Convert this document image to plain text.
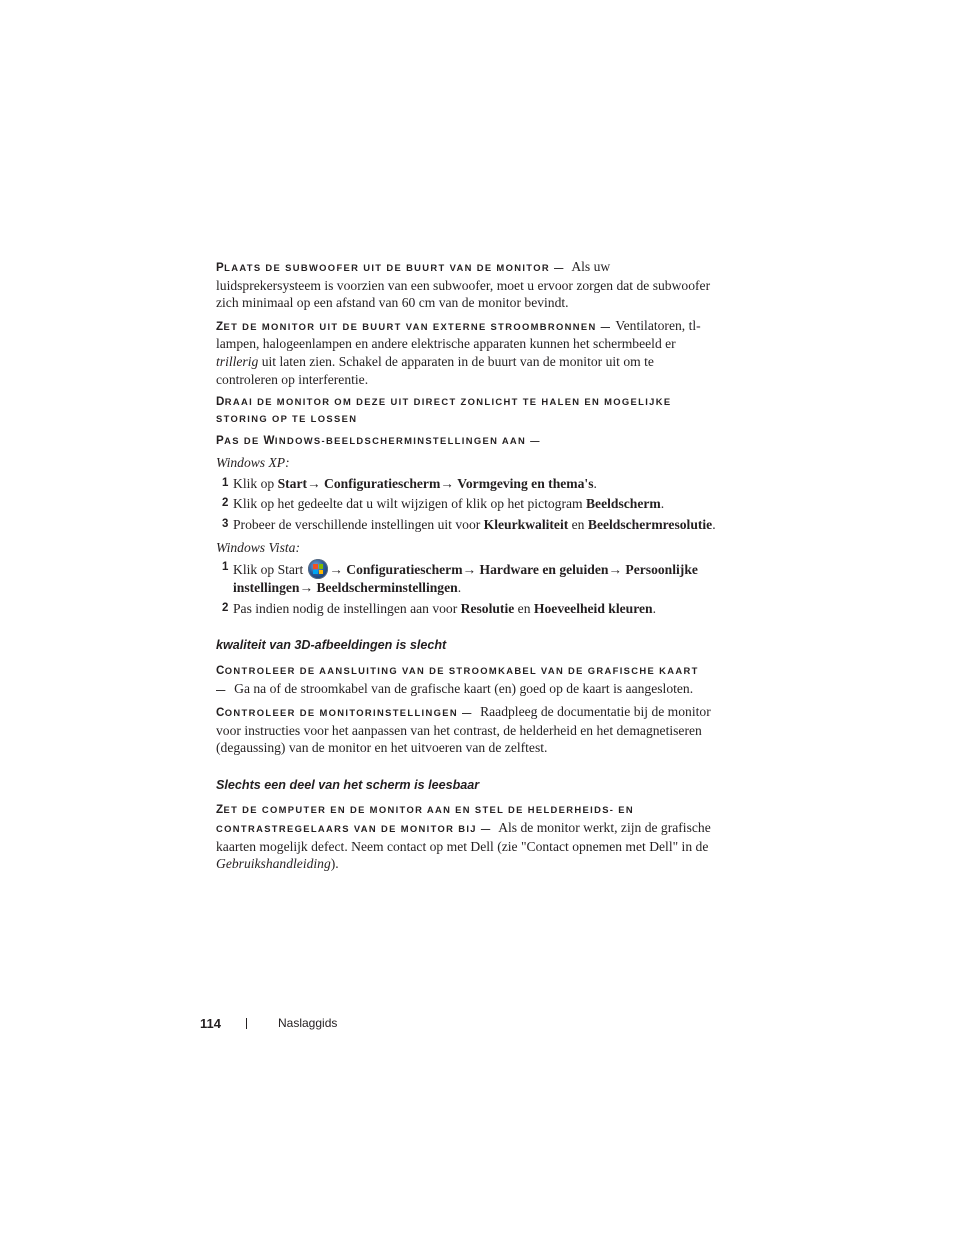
PLAATS DE SUBWOOFER UIT DE BUURT VAN DE MONITOR — Als uw luidsprekersysteem is voorzien van een subwoofer, moet u ervoor zorgen dat de subwoofer zich minimaal op een afstand van 60 cm van de monitor bevindt.

ZET DE MONITOR UIT DE BUURT VAN EXTERNE STROOMBRONNEN — Ventilatoren, tl-lampen, halogeenlampen en andere elektrische apparaten kunnen het schermbeeld er trillerig uit laten zien. Schakel de apparaten in de buurt van de monitor uit om te controleren op interferentie.

DRAAI DE MONITOR OM DEZE UIT DIRECT ZONLICHT TE HALEN EN MOGELIJKE STORING OP TE LOSSEN

PAS DE WINDOWS-BEELDSCHERMINSTELLINGEN AAN —

Windows XP:

1 Klik op Start→ Configuratiescherm→ Vormgeving en thema's.
2 Klik op het gedeelte dat u wilt wijzigen of klik op het pictogram Beeldscherm.
3 Probeer de verschillende instellingen uit voor Kleurkwaliteit en Beeldschermresolutie.

Windows Vista:

1 Klik op Start → Configuratiescherm→ Hardware en geluiden→ Persoonlijke instellingen→ Beeldscherminstellingen.
2 Pas indien nodig de instellingen aan voor Resolutie en Hoeveelheid kleuren.

kwaliteit van 3D-afbeeldingen is slecht

CONTROLEER DE AANSLUITING VAN DE STROOMKABEL VAN DE GRAFISCHE KAART — Ga na of de stroomkabel van de grafische kaart (en) goed op de kaart is aangesloten.

CONTROLEER DE MONITORINSTELLINGEN — Raadpleeg de documentatie bij de monitor voor instructies voor het aanpassen van het contrast, de helderheid en het demagnetiseren (degaussing) van de monitor en het uitvoeren van de zelftest.

Slechts een deel van het scherm is leesbaar

ZET DE COMPUTER EN DE MONITOR AAN EN STEL DE HELDERHEIDS- EN CONTRASTREGELAARS VAN DE MONITOR BIJ — Als de monitor werkt, zijn de grafische kaarten mogelijk defect. Neem contact op met Dell (zie "Contact opnemen met Dell" in de Gebruikshandleiding).

114	Naslaggids
